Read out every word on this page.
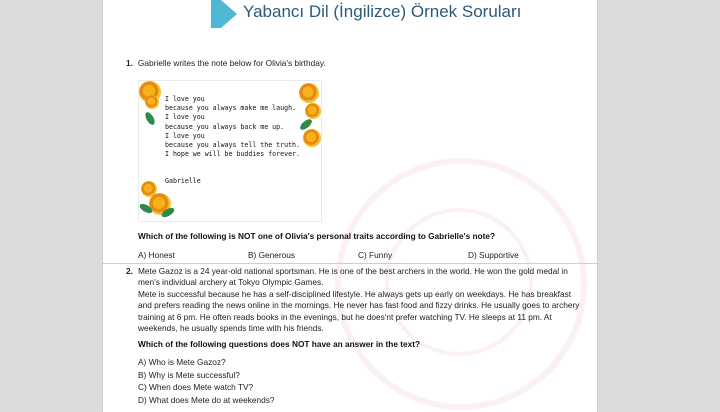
Yabancı Dil (İngilizce) Örnek Soruları
1. Gabrielle writes the note below for Olivia's birthday.
I love you
because you always make me laugh.
I love you
because you always back me up.
I love you
because you always tell the truth.
I hope we will be buddies forever.
Gabrielle
Which of the following is NOT one of Olivia's personal traits according to Gabrielle's note?
A) Honest	B) Generous	C) Funny	D) Supportive
2. Mete Gazoz is a 24 year-old national sportsman. He is one of the best archers in the world. He won the gold medal in men's individual archery at Tokyo Olympic Games.

Mete is successful because he has a self-disciplined lifestyle. He always gets up early on weekdays. He has breakfast and prefers reading the news online in the mornings. He never has fast food and fizzy drinks. He usually goes to archery training at 6 pm. He often reads books in the evenings, but he does'nt prefer watching TV. He sleeps at 11 pm. At weekends, he usually spends time with his friends.

Which of the following questions does NOT have an answer in the text?

A) Who is Mete Gazoz?
B) Why is Mete successful?
C) When does Mete watch TV?
D) What does Mete do at weekends?
